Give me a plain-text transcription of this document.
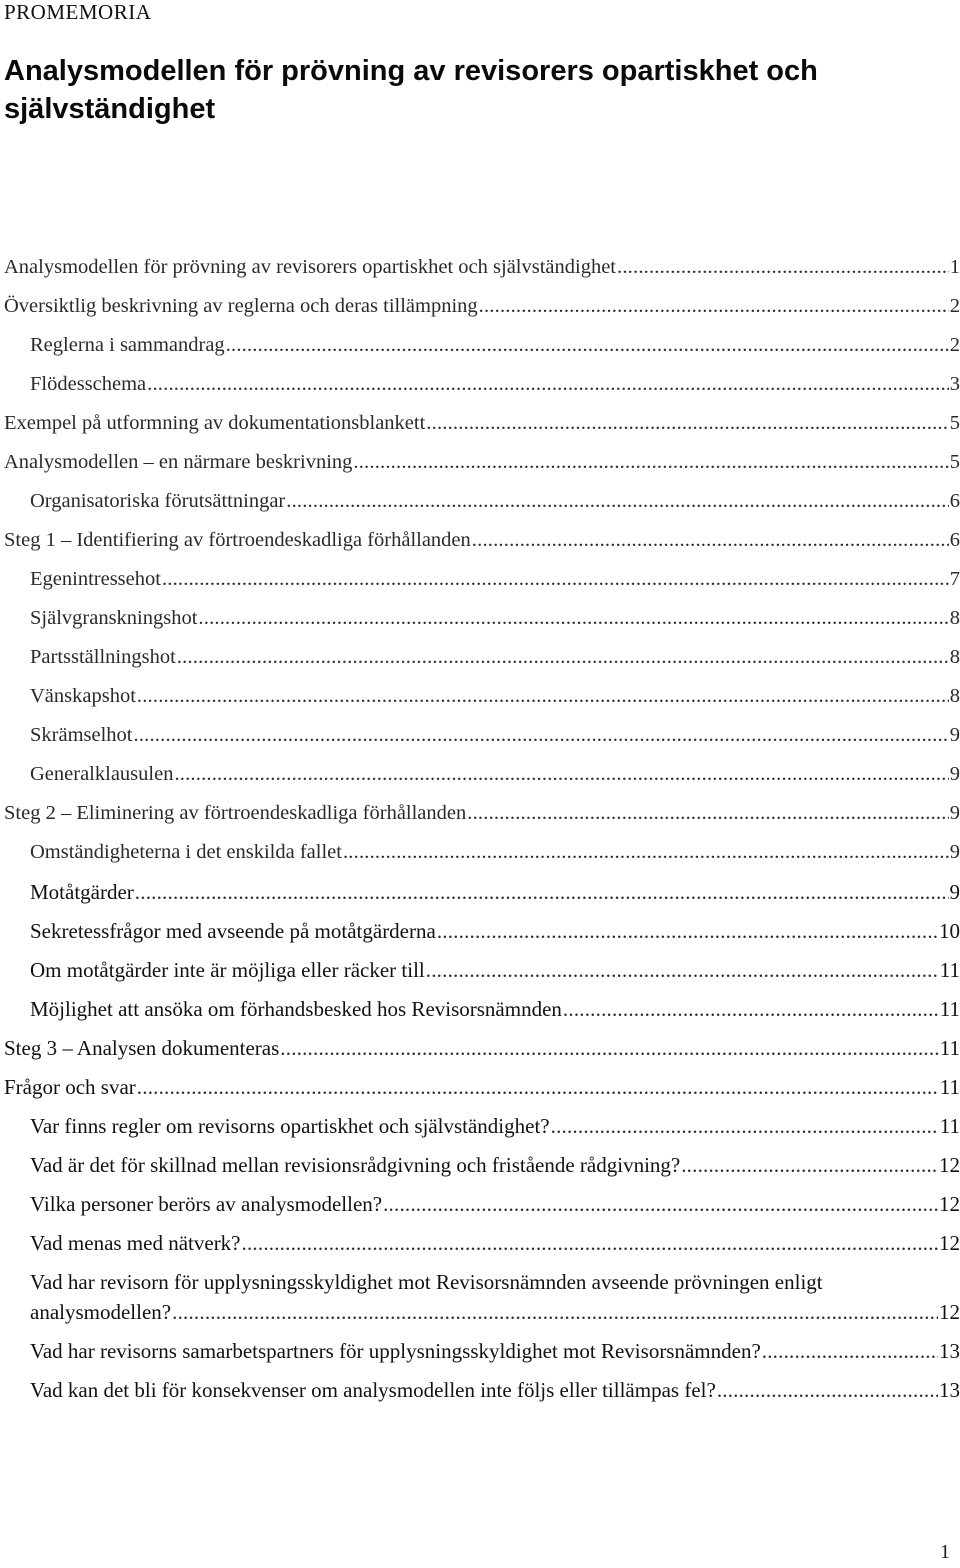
PROMEMORIA
Analysmodellen för prövning av revisorers opartiskhet och självständighet
Analysmodellen för prövning av revisorers opartiskhet och självständighet .....	1
Översiktlig beskrivning av reglerna och deras tillämpning .....	2
Reglerna i sammandrag .....	2
Flödesschema .....	3
Exempel på utformning av dokumentationsblankett .....	5
Analysmodellen – en närmare beskrivning .....	5
Organisatoriska förutsättningar .....	6
Steg 1 – Identifiering av förtroendeskadliga förhållanden .....	6
Egenintressehot .....	7
Självgranskningshot .....	8
Partsställningshot .....	8
Vänskapshot .....	8
Skrämselhot .....	9
Generalklausulen .....	9
Steg 2 – Eliminering av förtroendeskadliga förhållanden .....	9
Omständigheterna i det enskilda fallet .....	9
Motåtgärder .....	9
Sekretessfrågor med avseende på motåtgärderna .....	10
Om motåtgärder inte är möjliga eller räcker till .....	11
Möjlighet att ansöka om förhandsbesked hos Revisorsnämnden .....	11
Steg 3 – Analysen dokumenteras .....	11
Frågor och svar .....	11
Var finns regler om revisorns opartiskhet och självständighet? .....	11
Vad är det för skillnad mellan revisionsrådgivning och fristående rådgivning? .....	12
Vilka personer berörs av analysmodellen? .....	12
Vad menas med nätverk? .....	12
Vad har revisorn för upplysningsskyldighet mot Revisorsnämnden avseende prövningen enligt
analysmodellen? .....	12
Vad har revisorns samarbetspartners för upplysningsskyldighet mot Revisorsnämnden? .....	13
Vad kan det bli för konsekvenser om analysmodellen inte följs eller tillämpas fel? .....	13
1
